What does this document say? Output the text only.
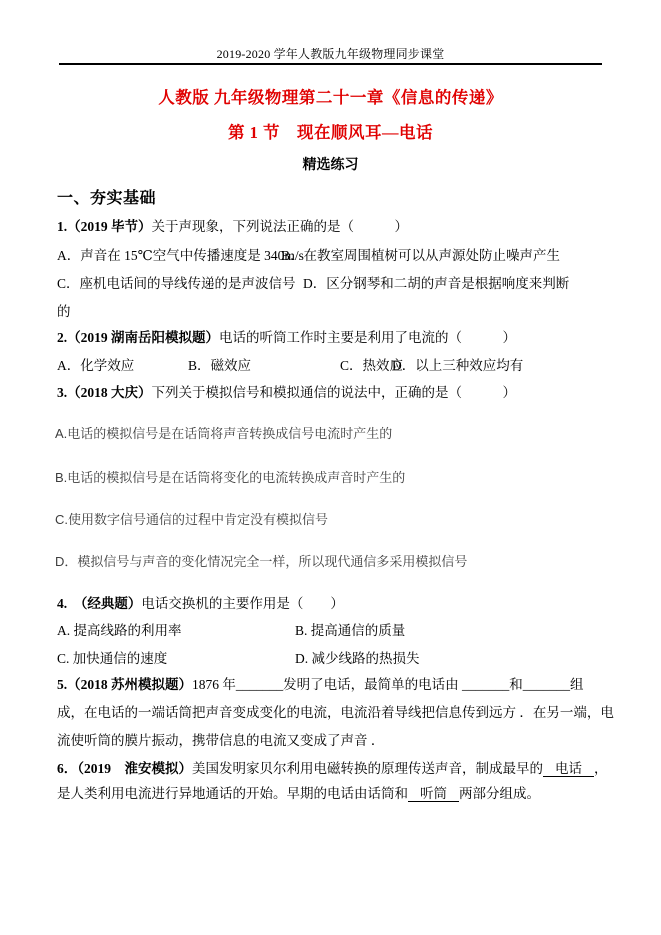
2019-2020 学年人教版九年级物理同步课堂
人教版 九年级物理第二十一章《信息的传递》
第 1 节　现在顺风耳—电话
精选练习
一、夯实基础
1.（2019 毕节）关于声现象，下列说法正确的是（　　　）
A．声音在 15℃空气中传播速度是 340m/s
B．在教室周围植树可以从声源处防止噪声产生
C．座机电话间的导线传递的是声波信号 D．区分钢琴和二胡的声音是根据响度来判断
的
2.（2019 湖南岳阳模拟题）电话的听筒工作时主要是利用了电流的（　　　）
A．化学效应	B．磁效应	C．热效应
D．以上三种效应均有
3.（2018 大庆）下列关于模拟信号和模拟通信的说法中，正确的是（　　　）
A.电话的模拟信号是在话筒将声音转换成信号电流时产生的
B.电话的模拟信号是在话筒将变化的电流转换成声音时产生的
C.使用数字信号通信的过程中肯定没有模拟信号
D．模拟信号与声音的变化情况完全一样，所以现代通信多采用模拟信号
4.　（经典题）电话交换机的主要作用是（　　）
A. 提高线路的利用率	B. 提高通信的质量
C. 加快通信的速度	D. 减少线路的热损失
5.（2018 苏州模拟题）1876 年_______发明了电话，最简单的电话由 _______和_______组
成，在电话的一端话筒把声音变成变化的电流，电流沿着导线把信息传到远方 ．在另一端，电
流使听筒的膜片振动，携带信息的电流又变成了声音 ．
6．（2019　淮安模拟）美国发明家贝尔利用电磁转换的原理传送声音，制成最早的 电话 ，
是人类利用电流进行异地通话的开始。早期的电话由话筒和 听筒 两部分组成。
